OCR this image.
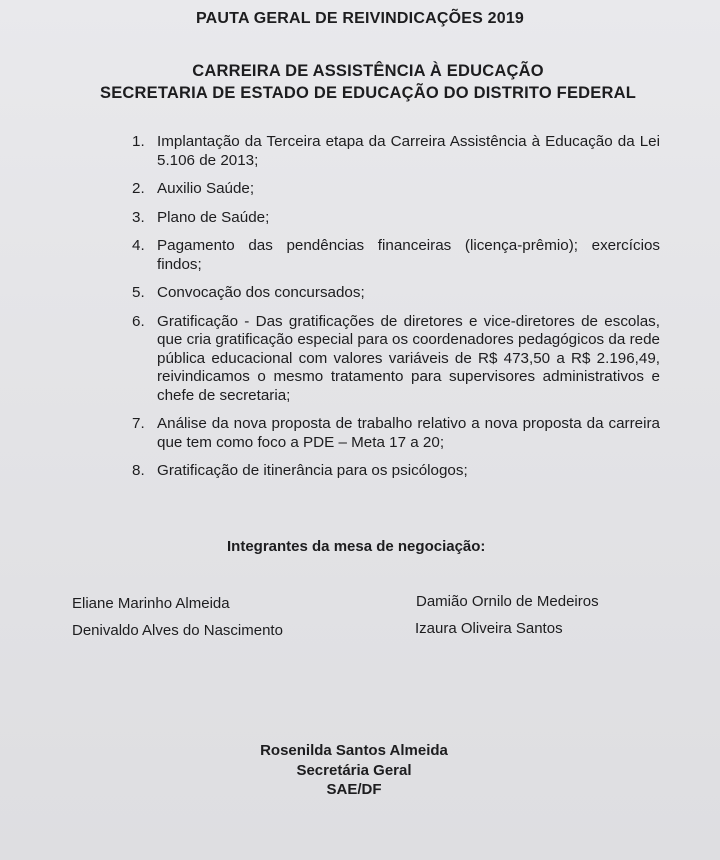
PAUTA GERAL DE REIVINDICAÇÕES 2019
CARREIRA DE ASSISTÊNCIA À EDUCAÇÃO
SECRETARIA DE ESTADO DE EDUCAÇÃO DO DISTRITO FEDERAL
1. Implantação da Terceira etapa da Carreira Assistência à Educação da Lei 5.106 de 2013;
2. Auxilio Saúde;
3. Plano de Saúde;
4. Pagamento das pendências financeiras (licença-prêmio); exercícios findos;
5. Convocação dos concursados;
6. Gratificação - Das gratificações de diretores e vice-diretores de escolas, que cria gratificação especial para os coordenadores pedagógicos da rede pública educacional com valores variáveis de R$ 473,50 a R$ 2.196,49, reivindicamos o mesmo tratamento para supervisores administrativos e chefe de secretaria;
7. Análise da nova proposta de trabalho relativo a nova proposta da carreira que tem como foco a PDE – Meta 17 a 20;
8. Gratificação de itinerância para os psicólogos;
Integrantes da mesa de negociação:
Eliane Marinho Almeida	Damião Ornilo de Medeiros
Denivaldo Alves do Nascimento	Izaura Oliveira Santos
Rosenilda Santos Almeida
Secretária Geral
SAE/DF
